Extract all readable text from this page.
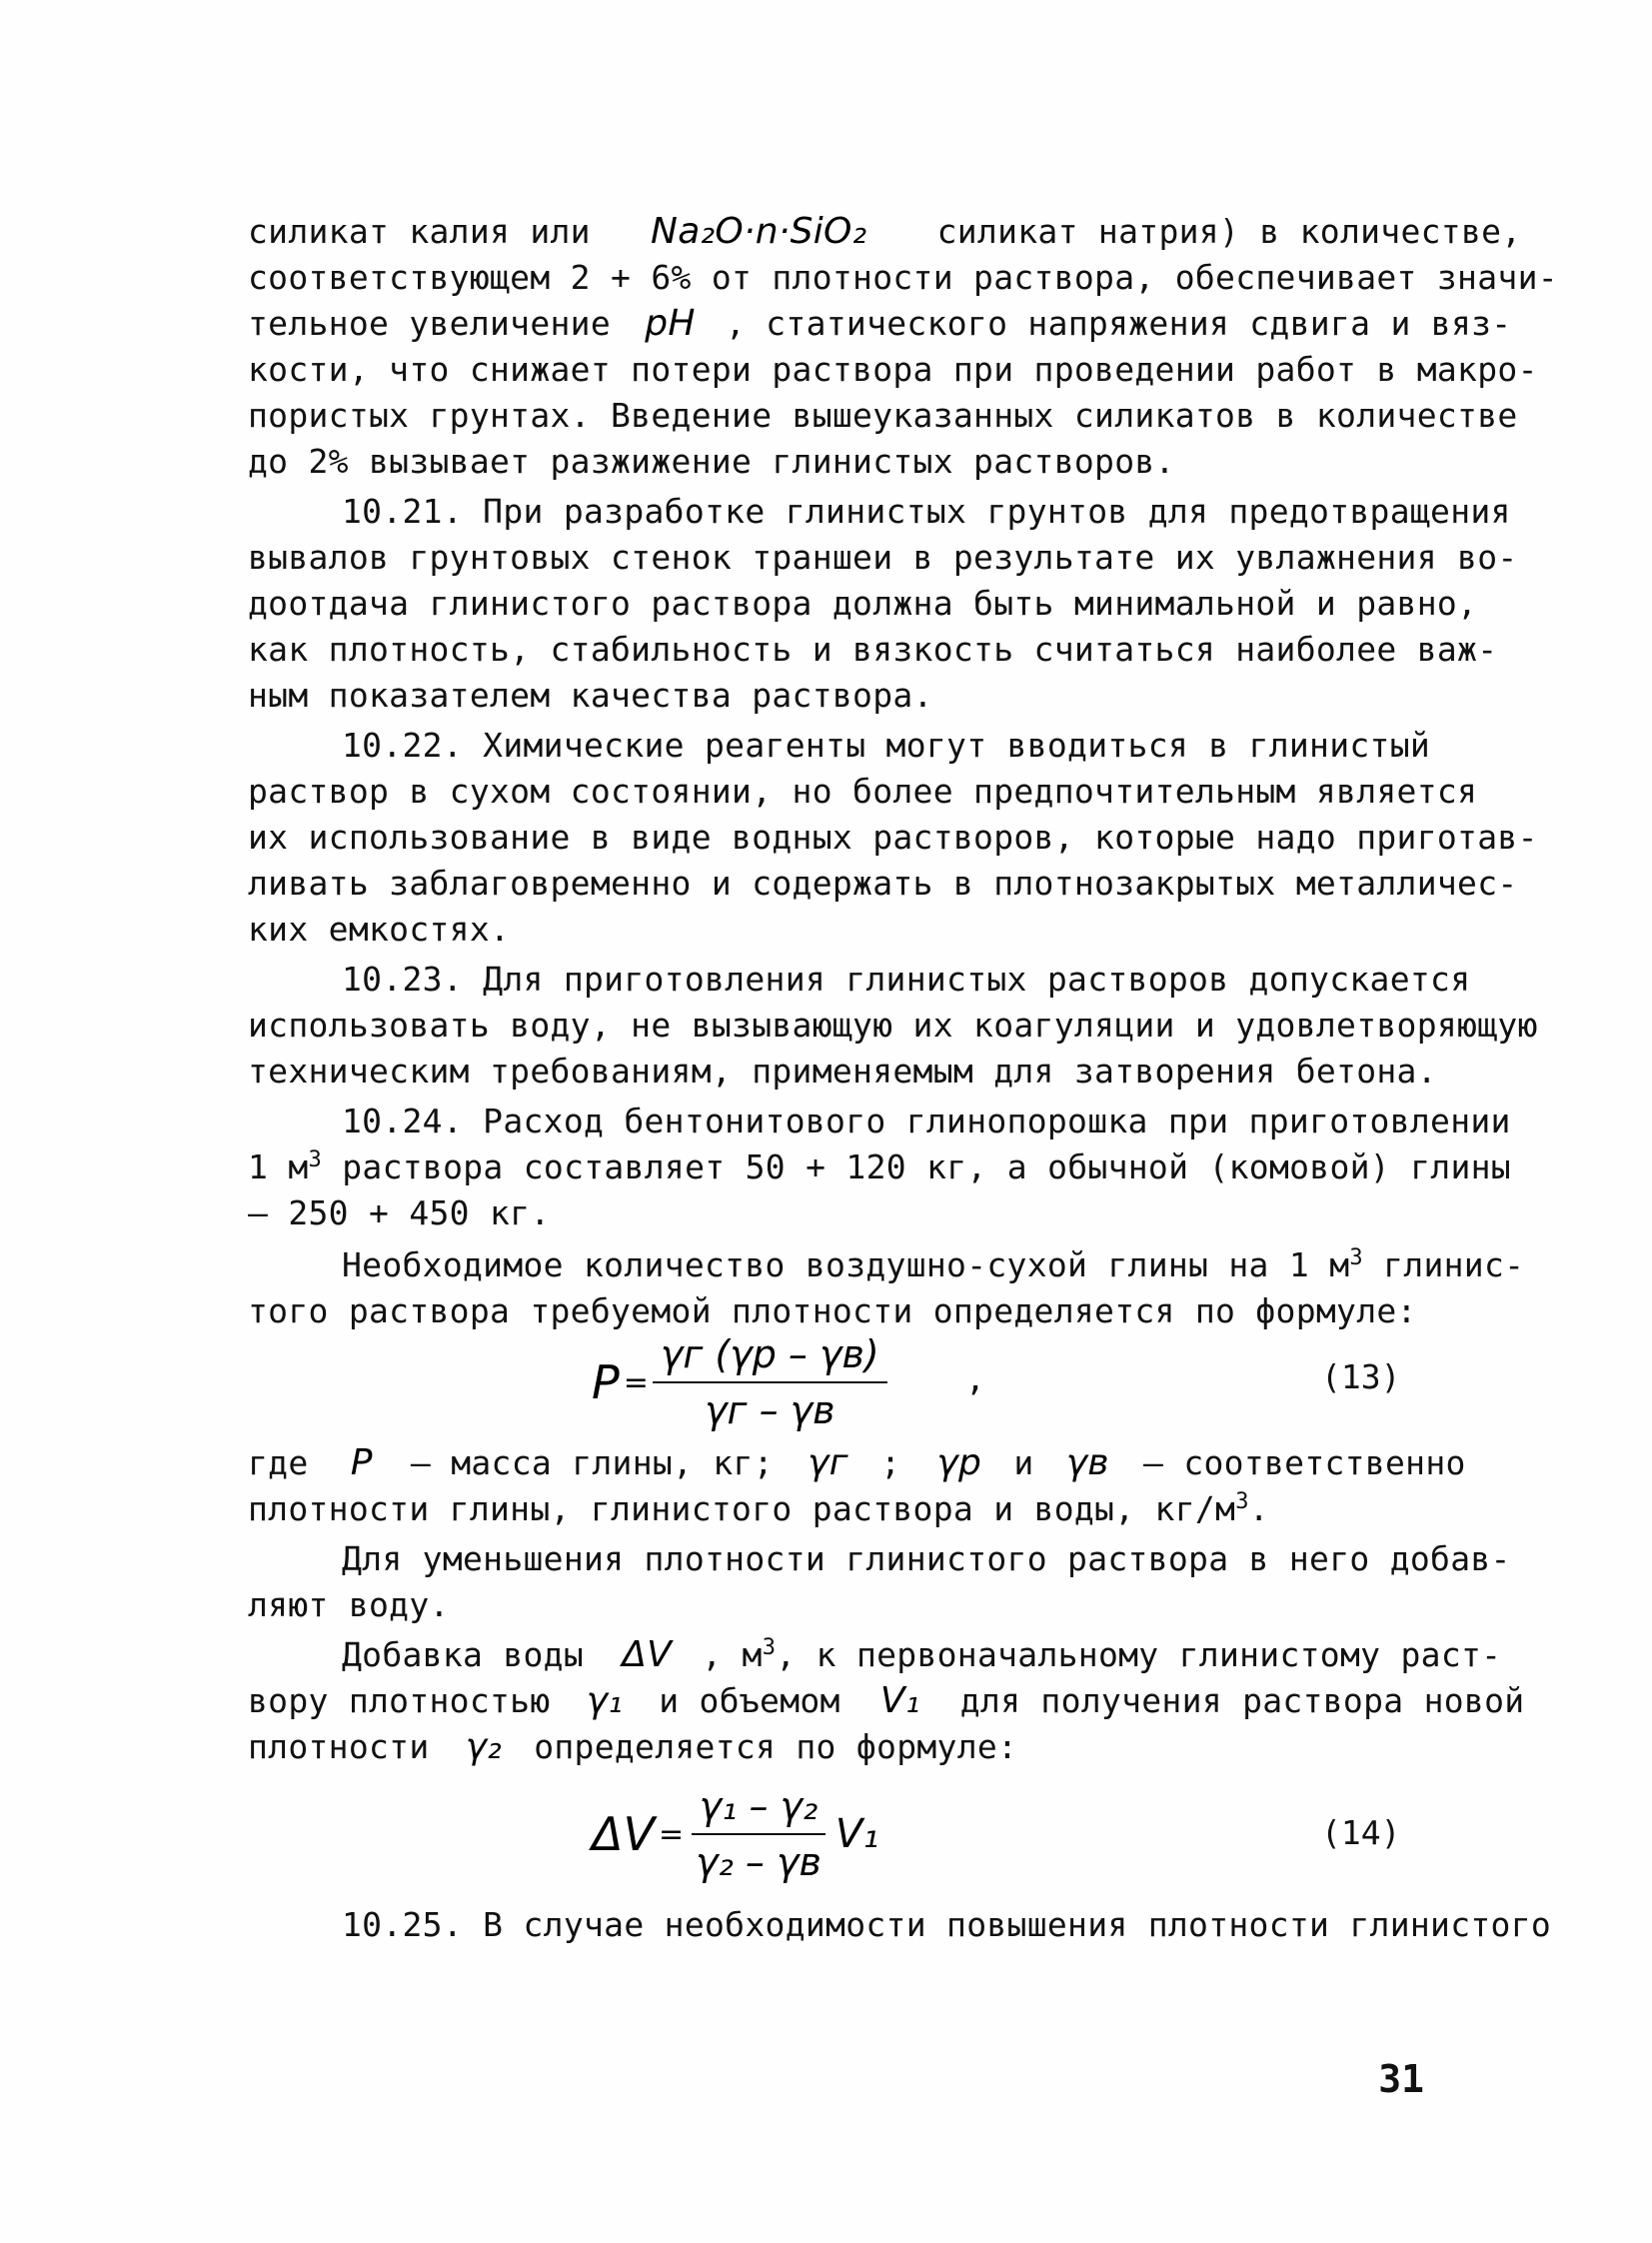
силикат калия или Na₂O·n·SiO₂ силикат натрия) в количестве,
соответствующем 2 + 6% от плотности раствора, обеспечивает значи-
тельное увеличение pH , статического напряжения сдвига и вяз-
кости, что снижает потери раствора при проведении работ в макро-
пористых грунтах. Введение вышеуказанных силикатов в количестве
до 2% вызывает разжижение глинистых растворов.
10.21. При разработке глинистых грунтов для предотвращения
вывалов грунтовых стенок траншеи в результате их увлажнения во-
доотдача глинистого раствора должна быть минимальной и равно,
как плотность, стабильность и вязкость считаться наиболее важ-
ным показателем качества раствора.
10.22. Химические реагенты могут вводиться в глинистый
раствор в сухом состоянии, но более предпочтительным является
их использование в виде водных растворов, которые надо приготав-
ливать заблаговременно и содержать в плотнозакрытых металличес-
ких емкостях.
10.23. Для приготовления глинистых растворов допускается
использовать воду, не вызывающую их коагуляции и удовлетворяющую
техническим требованиям, применяемым для затворения бетона.
10.24. Расход бентонитового глинопорошка при приготовлении
1 $м^3$ раствора составляет 50 + 120 кг, а обычной (комовой) глины
– 250 + 450 кг.
Необходимое количество воздушно-сухой глины на 1 $м^3$ глинис-
того раствора требуемой плотности определяется по формуле:
$P = \frac{\gamma г (\gamma р - \gamma в)}{\gamma г - \gamma в}$ ,	(13)
где P – масса глины, кг; γг ; γр и γв – соответственно
плотности глины, глинистого раствора и воды, $кг/м^3$.
Для уменьшения плотности глинистого раствора в него добав-
ляют воду.
Добавка воды ΔV , $м^3$, к первоначальному глинистому раст-
вору плотностью γ₁ и объемом V₁ для получения раствора новой
плотности γ₂ определяется по формуле:
$\Delta V = \frac{\text{γ₁ – γ₂}}{\text{γ₂ – γв}} V_1$	(14)
10.25. В случае необходимости повышения плотности глинистого
31
